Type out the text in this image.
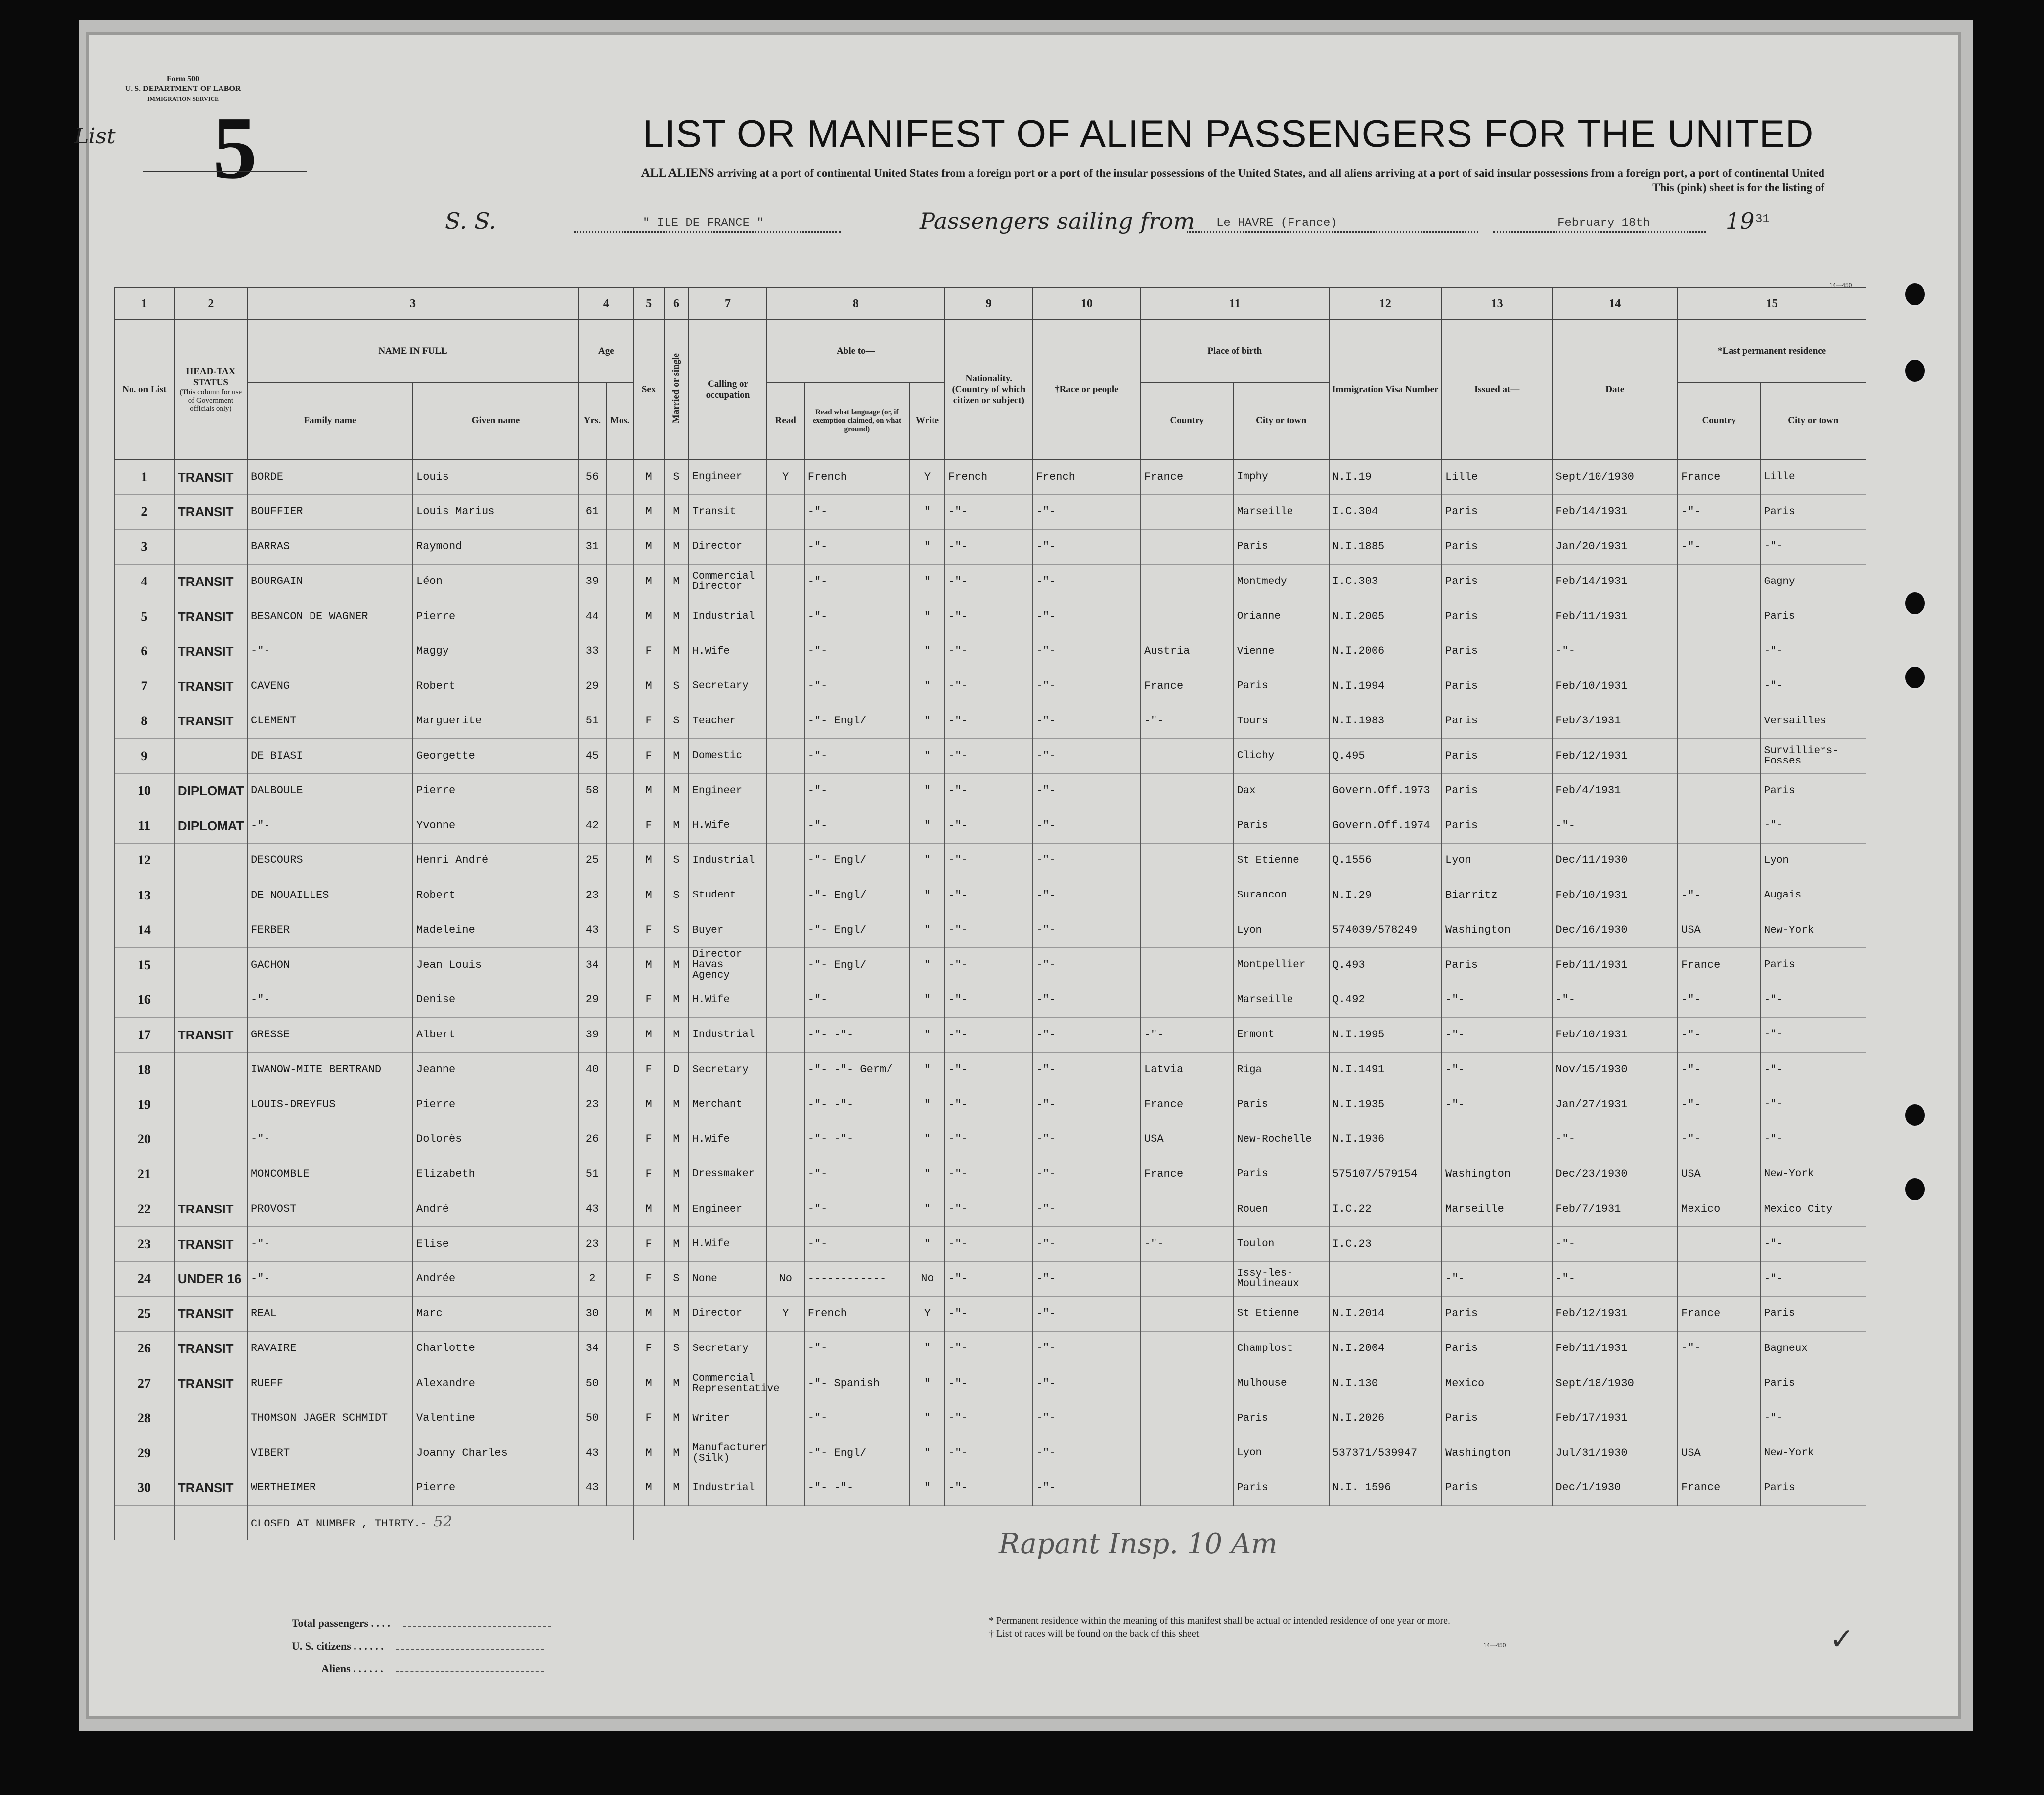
Form 500
U. S. DEPARTMENT OF LABOR
IMMIGRATION SERVICE
List 5	LIST OR MANIFEST OF ALIEN PASSENGERS FOR THE UNITED
ALL ALIENS arriving at a port of continental United States from a foreign port or a port of the insular possessions of the United States, and all aliens arriving at a port of said insular possessions from a foreign port, a port of continental United
This (pink) sheet is for the listing of
S. S.	" ILE DE FRANCE "	Passengers sailing from Le HAVRE (France)	February 18th	19 31
14—450
1	2	3		4		5	6	7	8			9	10	11		12	13	14	15	
No. on List	HEAD-TAX STATUS
(This column for use of Government officials only)	NAME IN FULL		Age		Sex	Married or single	Calling or occupation	Able to—			Nationality. (Country of which citizen or subject)	†Race or people	Place of birth		Immigration Visa Number	Issued at—	Date	*Last permanent residence	
		Family name	Given name	Yrs.	Mos.				Read	Read what language (or, if exemption claimed, on what ground)	Write			Country	City or town				Country	City or town
1	TRANSIT	BORDE	Louis	56		M	S	Engineer	Y	French	Y	French	French	France	Imphy	N.I.19	Lille	Sept/10/1930	France	Lille
2	TRANSIT	BOUFFIER	Louis Marius	61		M	M	Transit		-"-	"	-"-	-"-		Marseille	I.C.304	Paris	Feb/14/1931	-"-	Paris
3		BARRAS	Raymond	31		M	M	Director		-"-	"	-"-	-"-		Paris	N.I.1885	Paris	Jan/20/1931	-"-	-"-
4	TRANSIT	BOURGAIN	Léon	39		M	M	Commercial Director		-"-	"	-"-	-"-		Montmedy	I.C.303	Paris	Feb/14/1931		Gagny
5	TRANSIT	BESANCON DE WAGNER	Pierre	44		M	M	Industrial		-"-	"	-"-	-"-		Orianne	N.I.2005	Paris	Feb/11/1931		Paris
6	TRANSIT	-"-	Maggy	33		F	M	H.Wife		-"-	"	-"-	-"-	Austria	Vienne	N.I.2006	Paris	-"-		-"-
7	TRANSIT	CAVENG	Robert	29		M	S	Secretary		-"-	"	-"-	-"-	France	Paris	N.I.1994	Paris	Feb/10/1931		-"-
8	TRANSIT	CLEMENT	Marguerite	51		F	S	Teacher		-"- Engl/	"	-"-	-"-	-"-	Tours	N.I.1983	Paris	Feb/3/1931		Versailles
9		DE BIASI	Georgette	45		F	M	Domestic		-"-	"	-"-	-"-		Clichy	Q.495	Paris	Feb/12/1931		Survilliers-Fosses
10	DIPLOMAT	DALBOULE	Pierre	58		M	M	Engineer		-"-	"	-"-	-"-		Dax	Govern.Off.1973	Paris	Feb/4/1931		Paris
11	DIPLOMAT	-"-	Yvonne	42		F	M	H.Wife		-"-	"	-"-	-"-		Paris	Govern.Off.1974	Paris	-"-		-"-
12		DESCOURS	Henri André	25		M	S	Industrial		-"- Engl/	"	-"-	-"-		St Etienne	Q.1556	Lyon	Dec/11/1930		Lyon
13		DE NOUAILLES	Robert	23		M	S	Student		-"- Engl/	"	-"-	-"-		Surancon	N.I.29	Biarritz	Feb/10/1931	-"-	Augais
14		FERBER	Madeleine	43		F	S	Buyer		-"- Engl/	"	-"-	-"-		Lyon	574039/578249	Washington	Dec/16/1930	USA	New-York
15		GACHON	Jean Louis	34		M	M	Director Havas Agency		-"- Engl/	"	-"-	-"-		Montpellier	Q.493	Paris	Feb/11/1931	France	Paris
16		-"-	Denise	29		F	M	H.Wife		-"-	"	-"-	-"-		Marseille	Q.492	-"-	-"-	-"-	-"-
17	TRANSIT	GRESSE	Albert	39		M	M	Industrial		-"- -"-	"	-"-	-"-	-"-	Ermont	N.I.1995	-"-	Feb/10/1931	-"-	-"-
18		IWANOW-MITE BERTRAND	Jeanne	40		F	D	Secretary		-"- -"- Germ/	"	-"-	-"-	Latvia	Riga	N.I.1491	-"-	Nov/15/1930	-"-	-"-
19		LOUIS-DREYFUS	Pierre	23		M	M	Merchant		-"- -"-	"	-"-	-"-	France	Paris	N.I.1935	-"-	Jan/27/1931	-"-	-"-
20		-"-	Dolorès	26		F	M	H.Wife		-"- -"-	"	-"-	-"-	USA	New-Rochelle	N.I.1936		-"-	-"-	-"-
21		MONCOMBLE	Elizabeth	51		F	M	Dressmaker		-"-	"	-"-	-"-	France	Paris	575107/579154	Washington	Dec/23/1930	USA	New-York
22	TRANSIT	PROVOST	André	43		M	M	Engineer		-"-	"	-"-	-"-		Rouen	I.C.22	Marseille	Feb/7/1931	Mexico	Mexico City
23	TRANSIT	-"-	Elise	23		F	M	H.Wife		-"-	"	-"-	-"-	-"-	Toulon	I.C.23		-"-		-"-
24	UNDER 16	-"-	Andrée	2		F	S	None	No	------------	No	-"-	-"-		Issy-les-Moulineaux		-"-	-"-		-"-
25	TRANSIT	REAL	Marc	30		M	M	Director	Y	French	Y	-"-	-"-		St Etienne	N.I.2014	Paris	Feb/12/1931	France	Paris
26	TRANSIT	RAVAIRE	Charlotte	34		F	S	Secretary		-"-	"	-"-	-"-		Champlost	N.I.2004	Paris	Feb/11/1931	-"-	Bagneux
27	TRANSIT	RUEFF	Alexandre	50		M	M	Commercial Representative		-"- Spanish	"	-"-	-"-		Mulhouse	N.I.130	Mexico	Sept/18/1930		Paris
28		THOMSON JAGER SCHMIDT	Valentine	50		F	M	Writer		-"-	"	-"-	-"-		Paris	N.I.2026	Paris	Feb/17/1931		-"-
29		VIBERT	Joanny Charles	43		M	M	Manufacturer (Silk)		-"- Engl/	"	-"-	-"-		Lyon	537371/539947	Washington	Jul/31/1930	USA	New-York
30	TRANSIT	WERTHEIMER	Pierre	43		M	M	Industrial		-"- -"-	"	-"-	-"-		Paris	N.I. 1596	Paris	Dec/1/1930	France	Paris
		CLOSED AT NUMBER , THIRTY.- 52																		
Rapant Insp. 10 Am
Total passengers . . . .
U. S. citizens . . . . . .
Aliens . . . . . .
* Permanent residence within the meaning of this manifest shall be actual or intended residence of one year or more.
† List of races will be found on the back of this sheet.
14—450	✓
